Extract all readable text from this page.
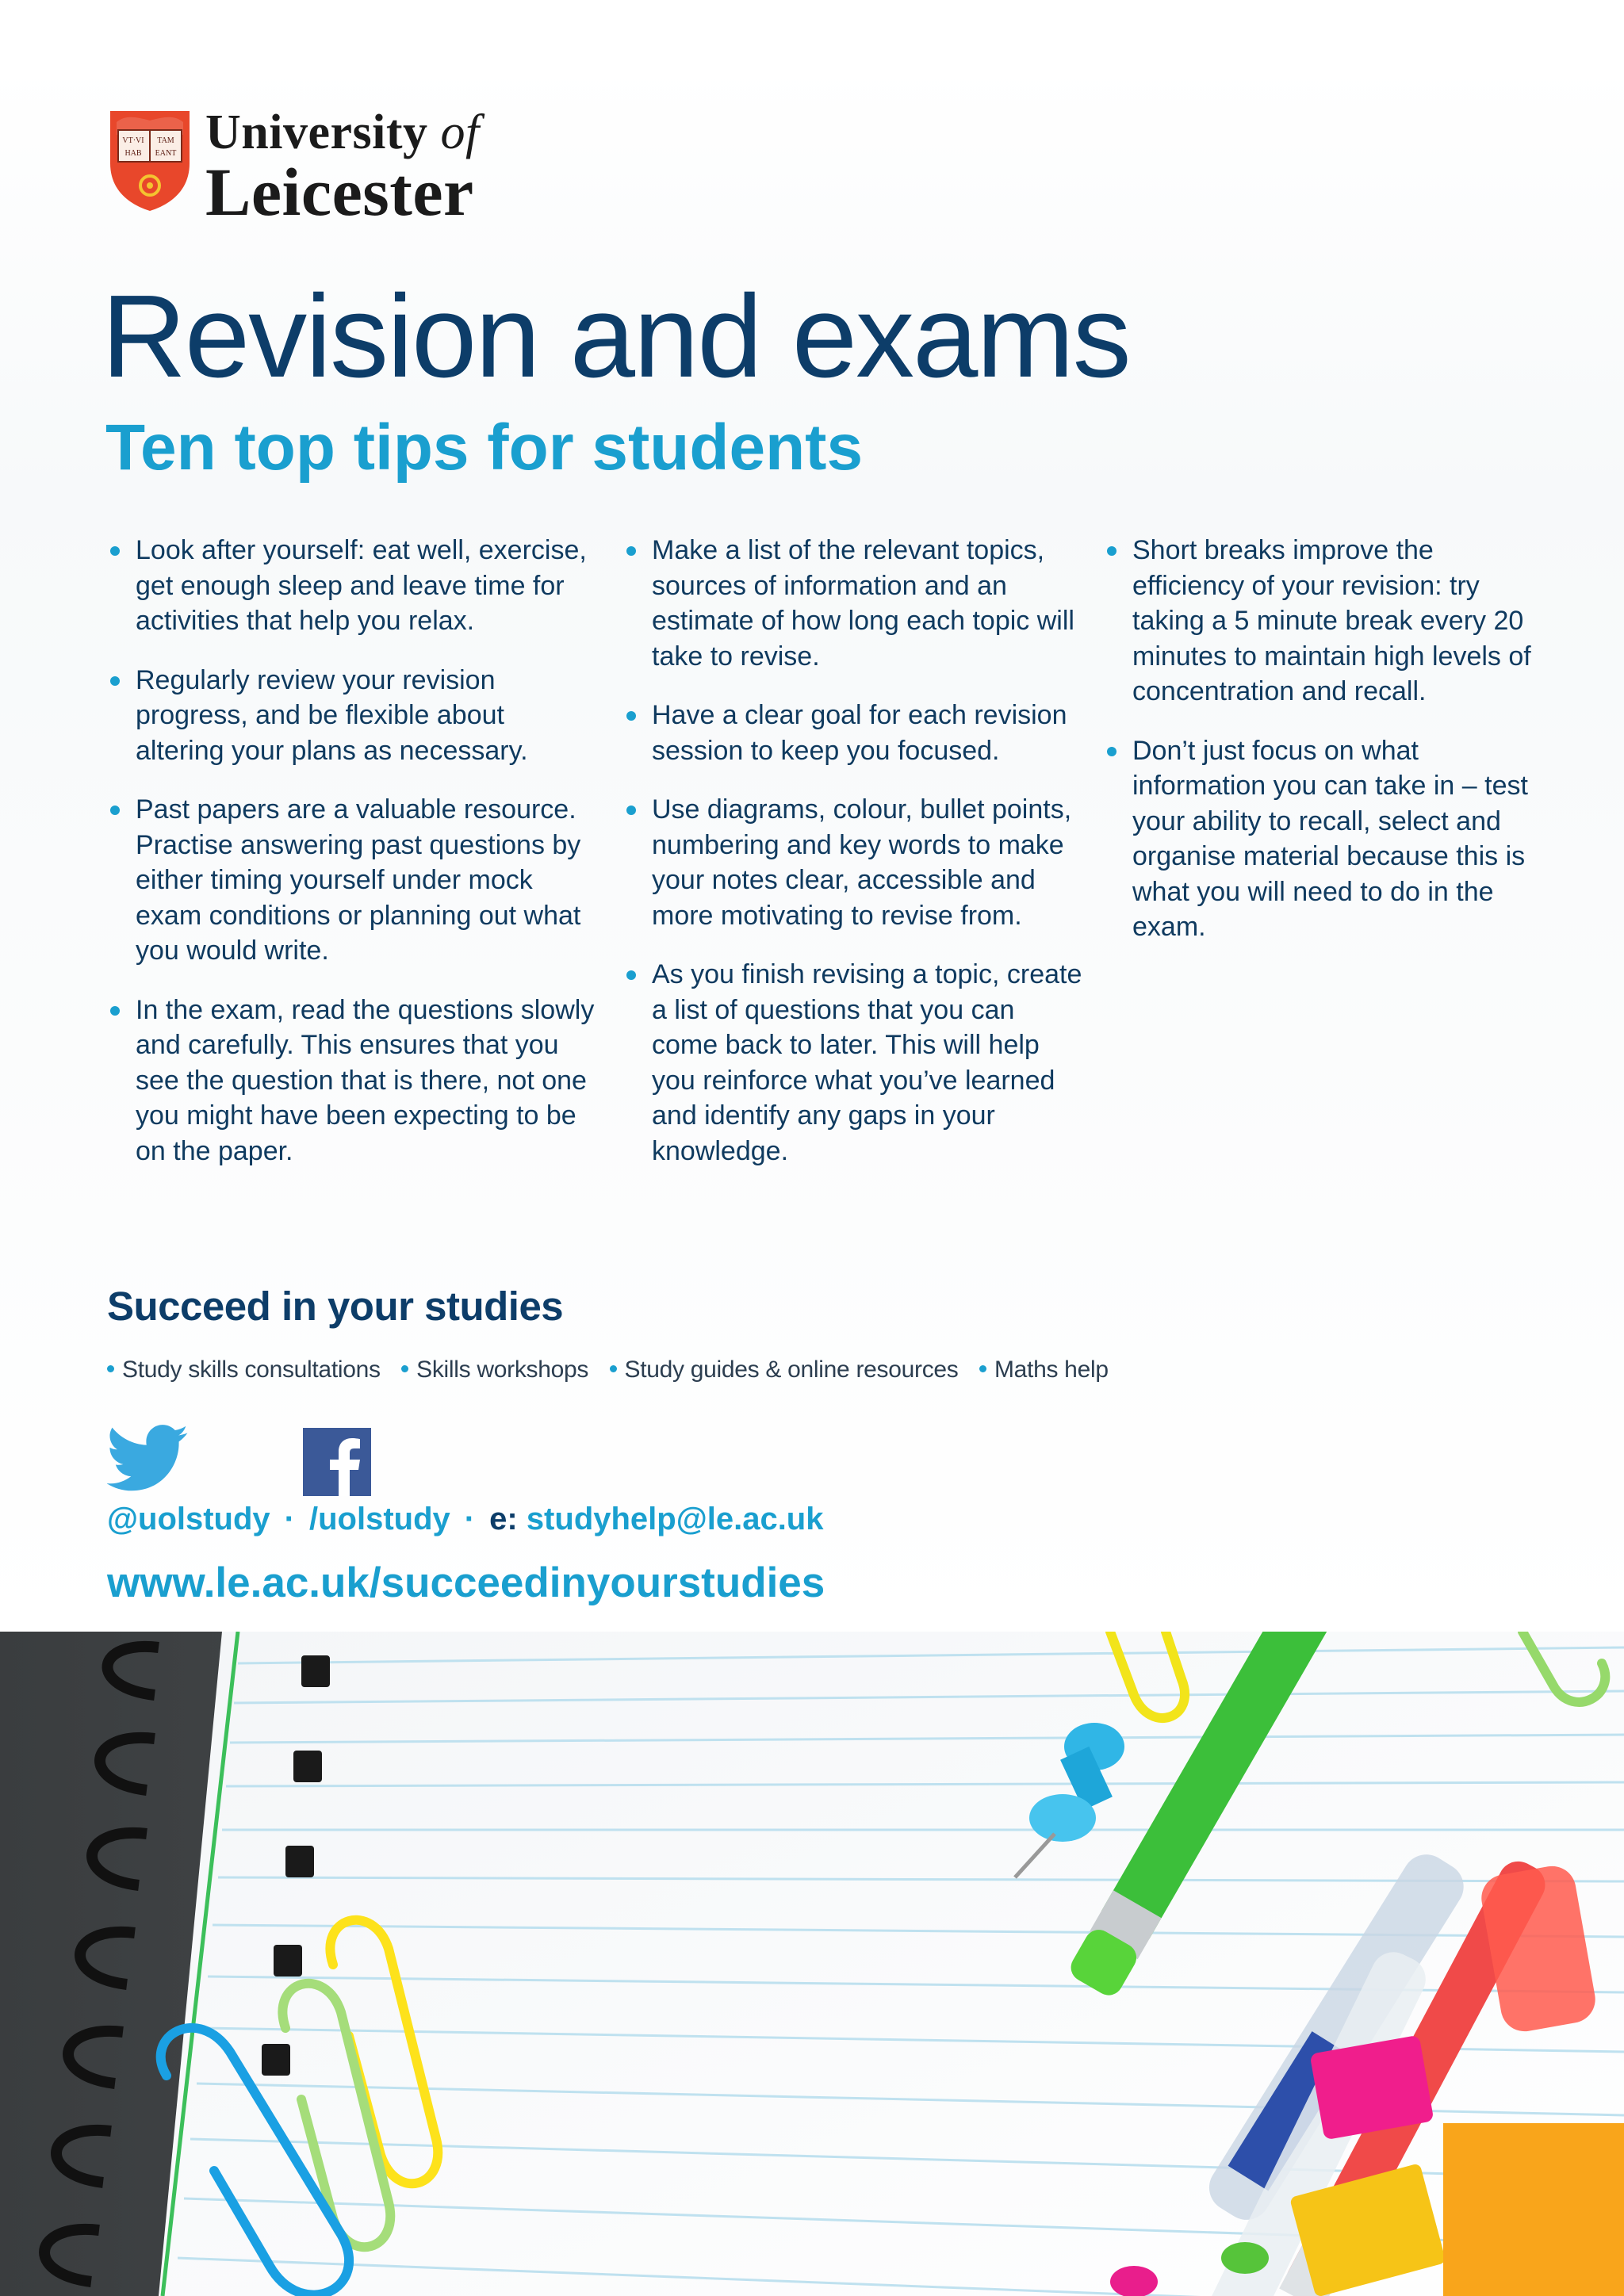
VT·VI TAM
HAB EANT University of
Leicester
Revision and exams
Ten top tips for students
Look after yourself: eat well, exercise, get enough sleep and leave time for activities that help you relax.
Regularly review your revision progress, and be flexible about altering your plans as necessary.
Past papers are a valuable resource. Practise answering past questions by either timing yourself under mock exam conditions or planning out what you would write.
In the exam, read the questions slowly and carefully. This ensures that you see the question that is there, not one you might have been expecting to be on the paper.
Make a list of the relevant topics, sources of information and an estimate of how long each topic will take to revise.
Have a clear goal for each revision session to keep you focused.
Use diagrams, colour, bullet points, numbering and key words to make your notes clear, accessible and more motivating to revise from.
As you finish revising a topic, create a list of questions that you can come back to later. This will help you reinforce what you’ve learned and identify any gaps in your knowledge.
Short breaks improve the efficiency of your revision: try taking a 5 minute break every 20 minutes to maintain high levels of concentration and recall.
Don’t just focus on what information you can take in – test your ability to recall, select and organise material because this is what you will need to do in the exam.
Succeed in your studies
Study skills consultations Skills workshops Study guides & online resources Maths help
@uolstudy · /uolstudy · e: studyhelp@le.ac.uk

www.le.ac.uk/succeedinyourstudies
